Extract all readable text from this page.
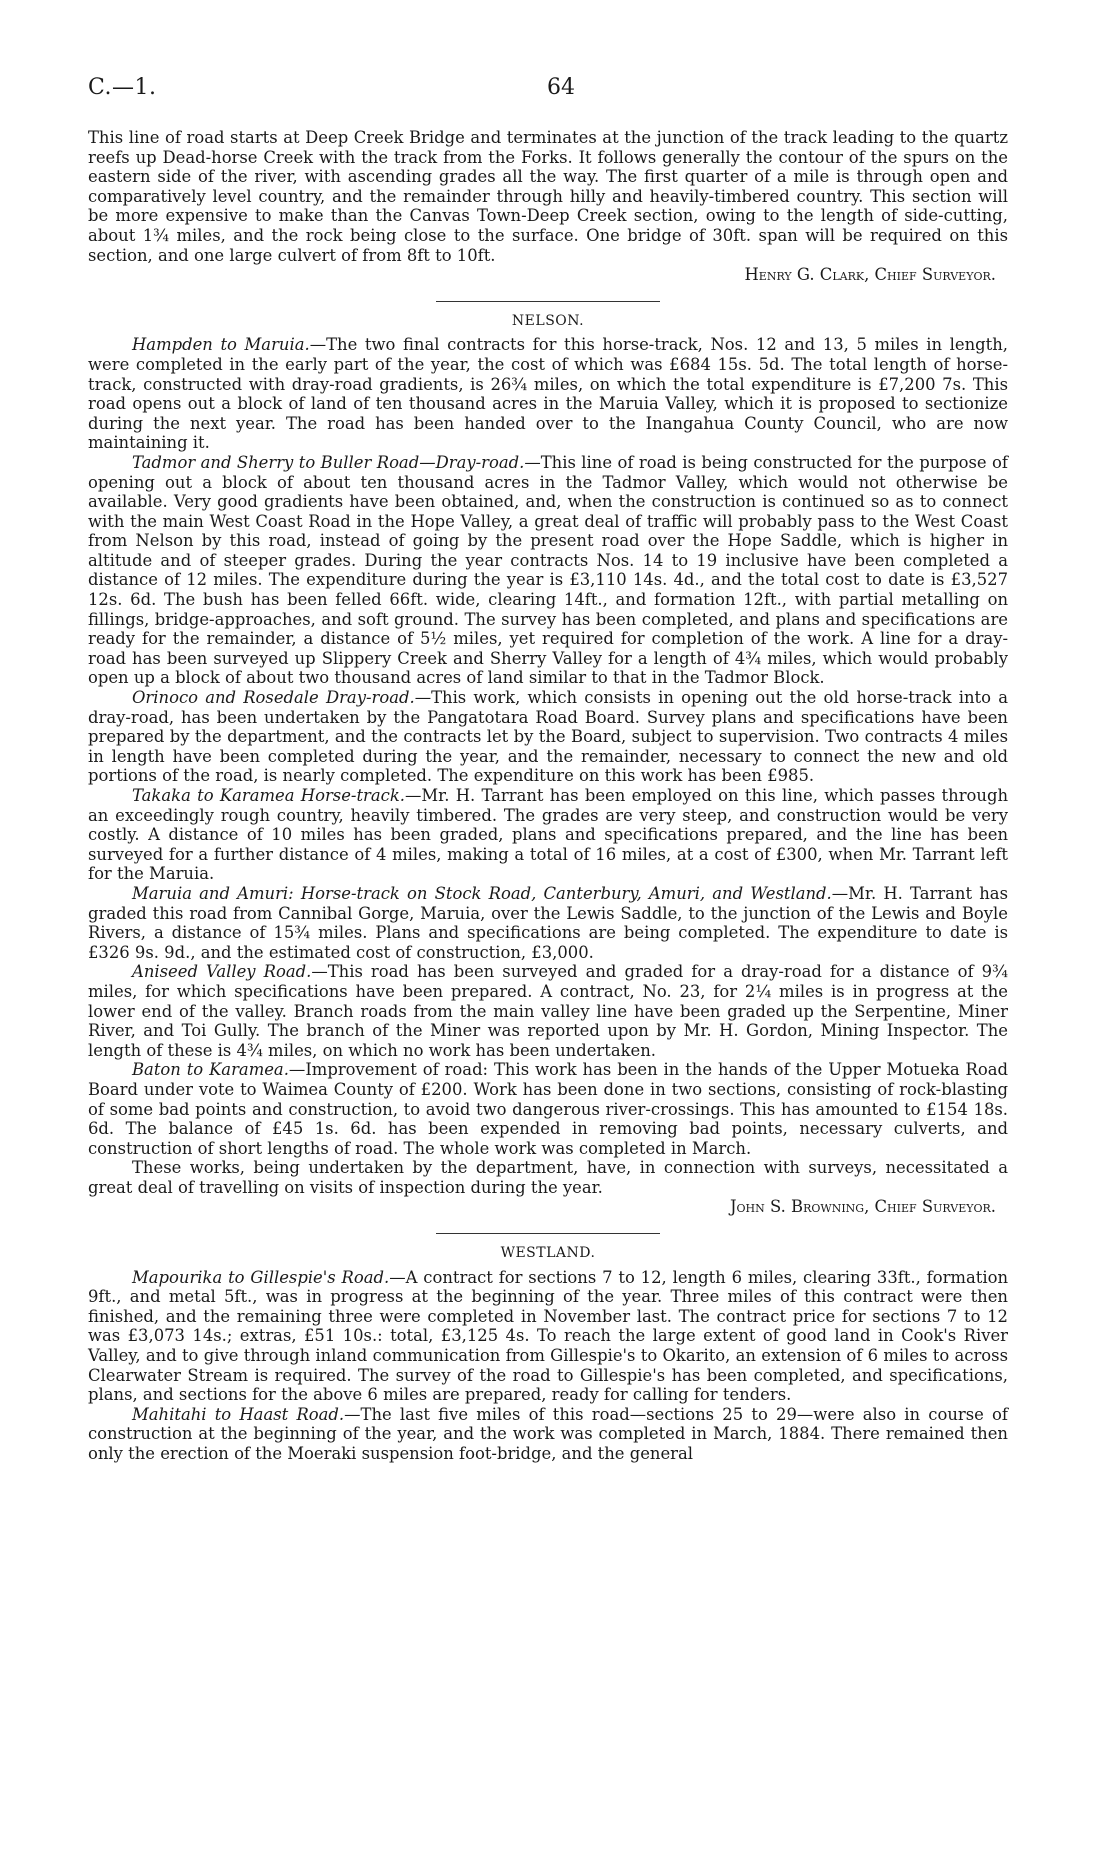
C.—1.	64

This line of road starts at Deep Creek Bridge and terminates at the junction of the track leading to the quartz reefs up Dead-horse Creek with the track from the Forks. It follows generally the contour of the spurs on the eastern side of the river, with ascending grades all the way. The first quarter of a mile is through open and comparatively level country, and the remainder through hilly and heavily-timbered country. This section will be more expensive to make than the Canvas Town-Deep Creek section, owing to the length of side-cutting, about 1¾ miles, and the rock being close to the surface. One bridge of 30ft. span will be required on this section, and one large culvert of from 8ft to 10ft.

Henry G. Clark, Chief Surveyor.

NELSON.

Hampden to Maruia.—The two final contracts for this horse-track, Nos. 12 and 13, 5 miles in length, were completed in the early part of the year, the cost of which was £684 15s. 5d. The total length of horse-track, constructed with dray-road gradients, is 26¾ miles, on which the total expenditure is £7,200 7s. This road opens out a block of land of ten thousand acres in the Maruia Valley, which it is proposed to sectionize during the next year. The road has been handed over to the Inangahua County Council, who are now maintaining it.

Tadmor and Sherry to Buller Road—Dray-road.—This line of road is being constructed for the purpose of opening out a block of about ten thousand acres in the Tadmor Valley, which would not otherwise be available. Very good gradients have been obtained, and, when the construction is continued so as to connect with the main West Coast Road in the Hope Valley, a great deal of traffic will probably pass to the West Coast from Nelson by this road, instead of going by the present road over the Hope Saddle, which is higher in altitude and of steeper grades. During the year contracts Nos. 14 to 19 inclusive have been completed a distance of 12 miles. The expenditure during the year is £3,110 14s. 4d., and the total cost to date is £3,527 12s. 6d. The bush has been felled 66ft. wide, clearing 14ft., and formation 12ft., with partial metalling on fillings, bridge-approaches, and soft ground. The survey has been completed, and plans and specifications are ready for the remainder, a distance of 5½ miles, yet required for completion of the work. A line for a dray-road has been surveyed up Slippery Creek and Sherry Valley for a length of 4¾ miles, which would probably open up a block of about two thousand acres of land similar to that in the Tadmor Block.

Orinoco and Rosedale Dray-road.—This work, which consists in opening out the old horse-track into a dray-road, has been undertaken by the Pangatotara Road Board. Survey plans and specifications have been prepared by the department, and the contracts let by the Board, subject to supervision. Two contracts 4 miles in length have been completed during the year, and the remainder, necessary to connect the new and old portions of the road, is nearly completed. The expenditure on this work has been £985.

Takaka to Karamea Horse-track.—Mr. H. Tarrant has been employed on this line, which passes through an exceedingly rough country, heavily timbered. The grades are very steep, and construction would be very costly. A distance of 10 miles has been graded, plans and specifications prepared, and the line has been surveyed for a further distance of 4 miles, making a total of 16 miles, at a cost of £300, when Mr. Tarrant left for the Maruia.

Maruia and Amuri: Horse-track on Stock Road, Canterbury, Amuri, and Westland.—Mr. H. Tarrant has graded this road from Cannibal Gorge, Maruia, over the Lewis Saddle, to the junction of the Lewis and Boyle Rivers, a distance of 15¾ miles. Plans and specifications are being completed. The expenditure to date is £326 9s. 9d., and the estimated cost of construction, £3,000.

Aniseed Valley Road.—This road has been surveyed and graded for a dray-road for a distance of 9¾ miles, for which specifications have been prepared. A contract, No. 23, for 2¼ miles is in progress at the lower end of the valley. Branch roads from the main valley line have been graded up the Serpentine, Miner River, and Toi Gully. The branch of the Miner was reported upon by Mr. H. Gordon, Mining Inspector. The length of these is 4¾ miles, on which no work has been undertaken.

Baton to Karamea.—Improvement of road: This work has been in the hands of the Upper Motueka Road Board under vote to Waimea County of £200. Work has been done in two sections, consisting of rock-blasting of some bad points and construction, to avoid two dangerous river-crossings. This has amounted to £154 18s. 6d. The balance of £45 1s. 6d. has been expended in removing bad points, necessary culverts, and construction of short lengths of road. The whole work was completed in March.

These works, being undertaken by the department, have, in connection with surveys, necessitated a great deal of travelling on visits of inspection during the year.

John S. Browning, Chief Surveyor.

WESTLAND.

Mapourika to Gillespie's Road.—A contract for sections 7 to 12, length 6 miles, clearing 33ft., formation 9ft., and metal 5ft., was in progress at the beginning of the year. Three miles of this contract were then finished, and the remaining three were completed in November last. The contract price for sections 7 to 12 was £3,073 14s.; extras, £51 10s.: total, £3,125 4s. To reach the large extent of good land in Cook's River Valley, and to give through inland communication from Gillespie's to Okarito, an extension of 6 miles to across Clearwater Stream is required. The survey of the road to Gillespie's has been completed, and specifications, plans, and sections for the above 6 miles are prepared, ready for calling for tenders.

Mahitahi to Haast Road.—The last five miles of this road—sections 25 to 29—were also in course of construction at the beginning of the year, and the work was completed in March, 1884. There remained then only the erection of the Moeraki suspension foot-bridge, and the general
